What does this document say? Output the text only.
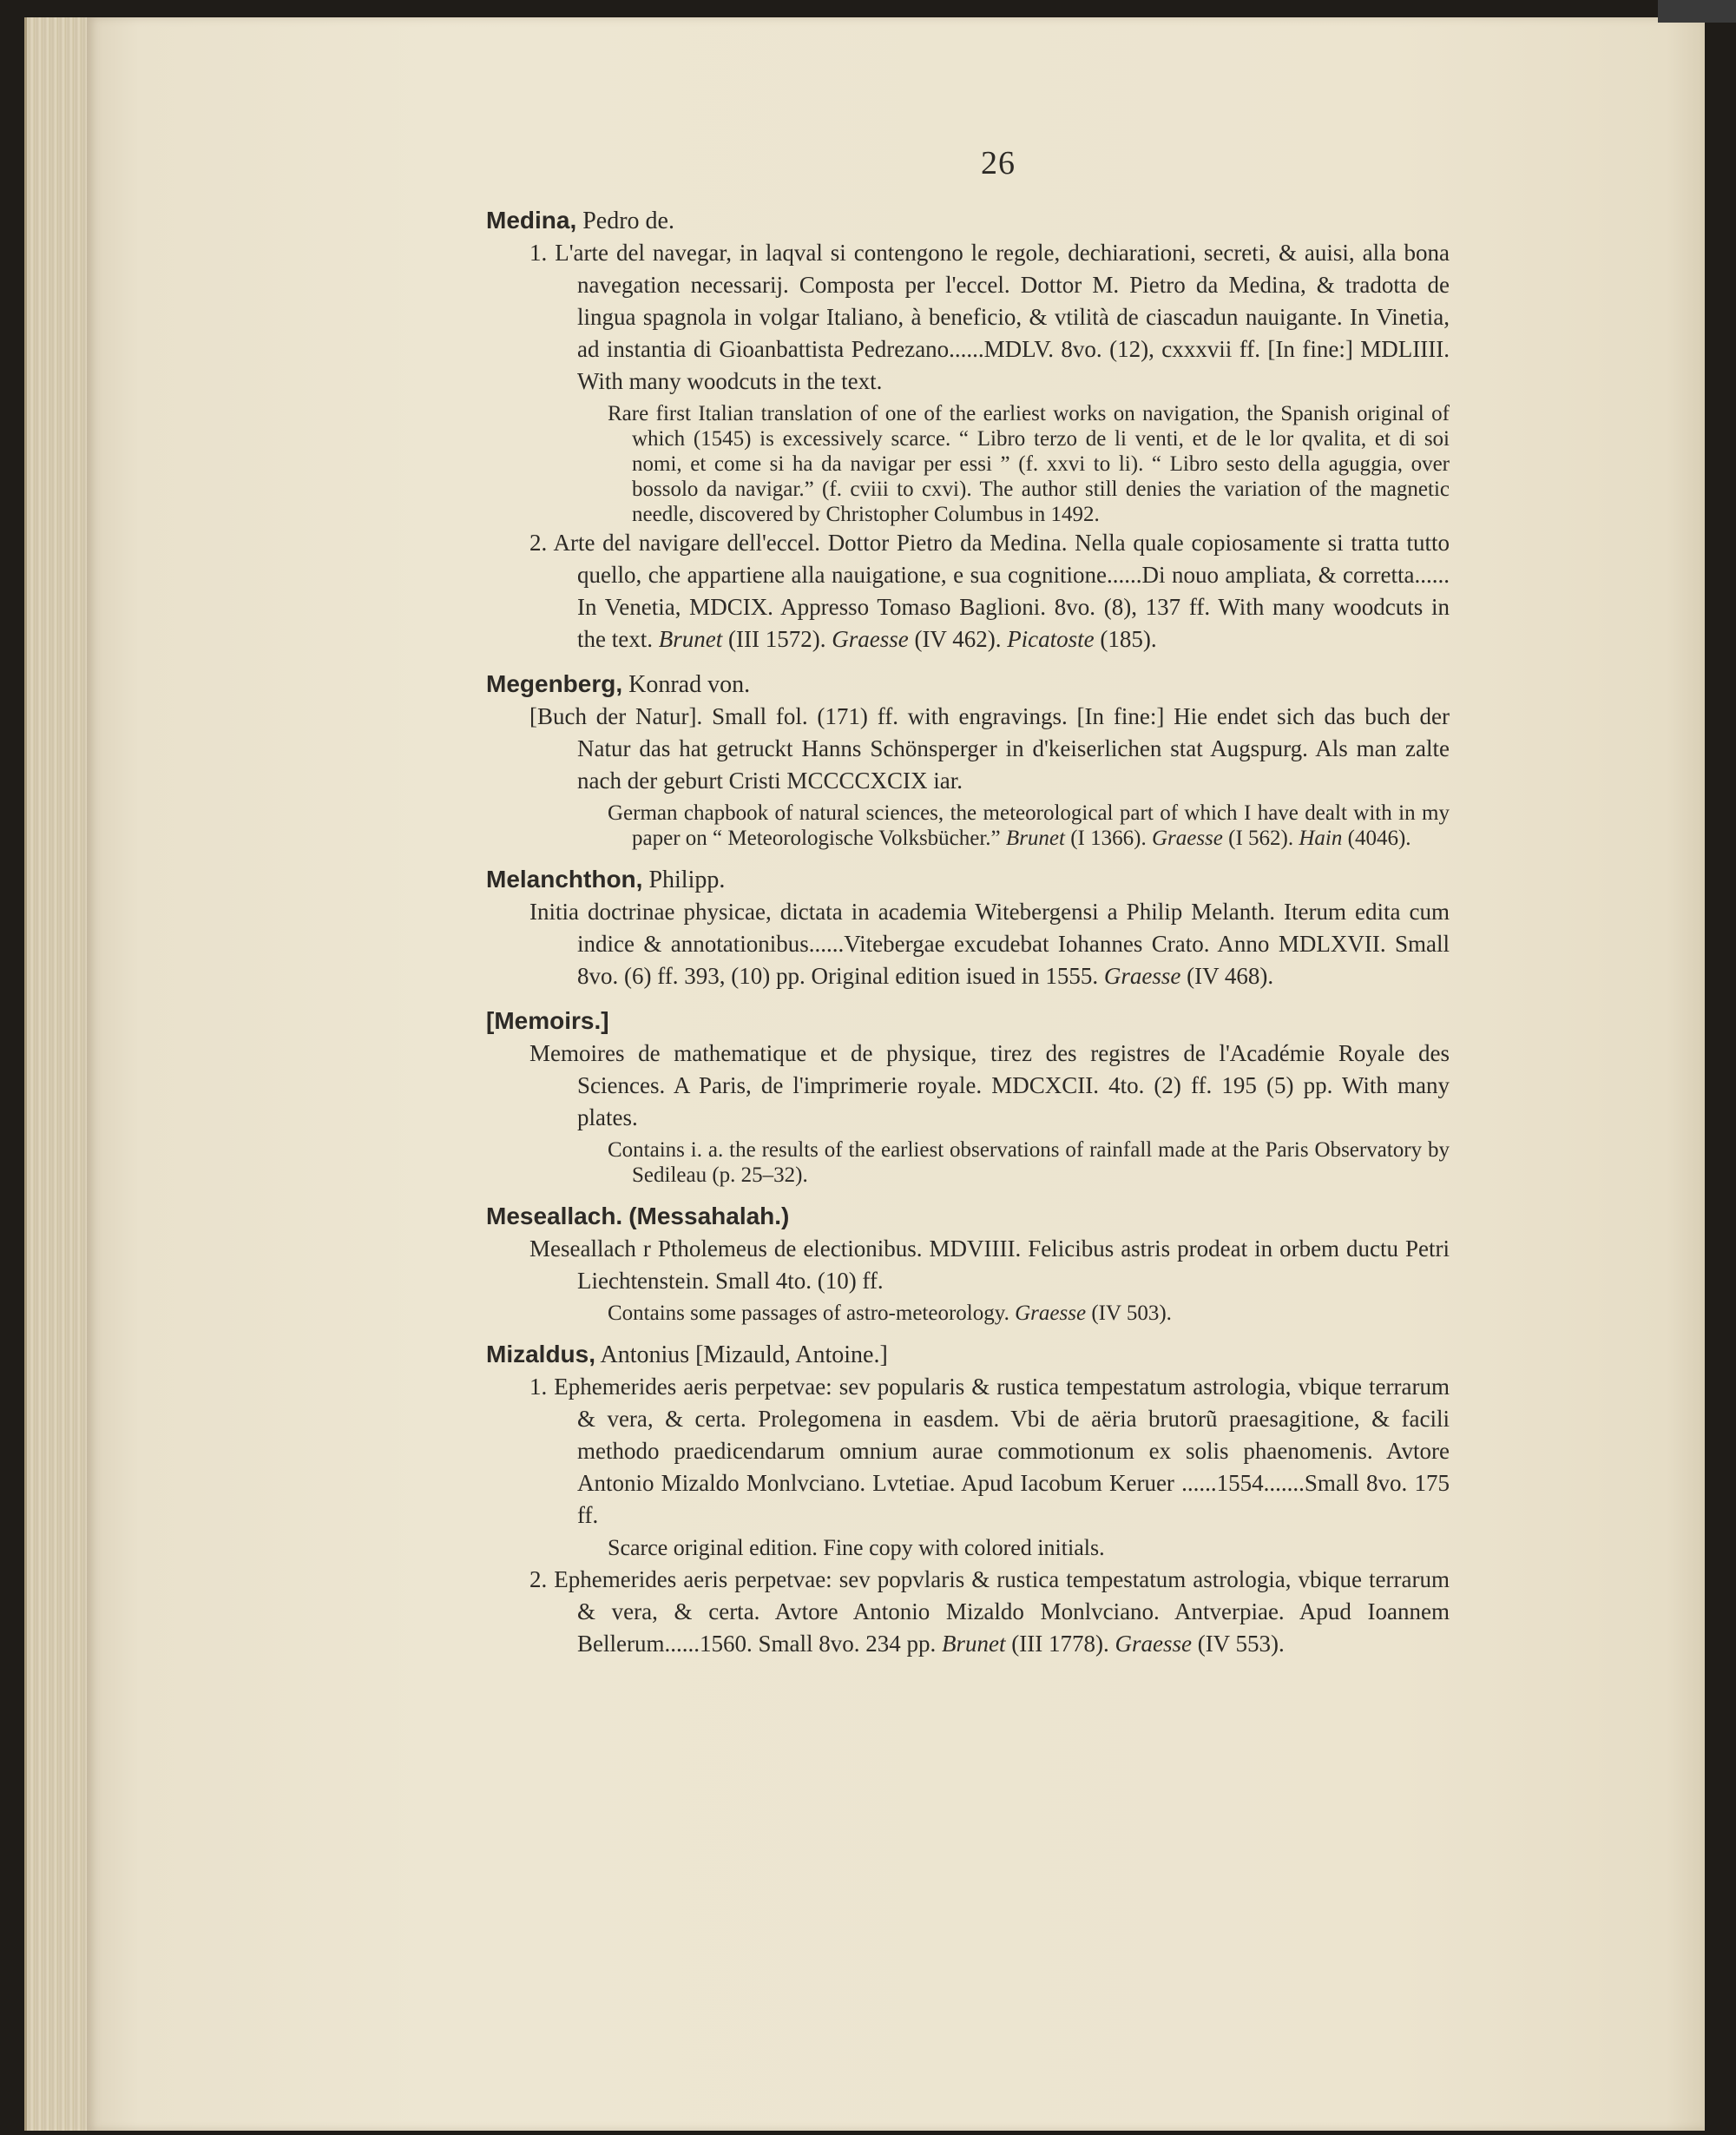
26
Medina, Pedro de.
1. L'arte del navegar, in laqval si contengono le regole, dechiarationi, secreti, & auisi, alla bona navegation necessarij. Composta per l'eccel. Dottor M. Pietro da Medina, & tradotta de lingua spagnola in volgar Italiano, à beneficio, & vtilità de ciascadun nauigante. In Vinetia, ad instantia di Gioanbattista Pedrezano......MDLV. 8vo. (12), cxxxvii ff. [In fine:] MDLIIII. With many woodcuts in the text.
Rare first Italian translation of one of the earliest works on navigation, the Spanish original of which (1545) is excessively scarce. “ Libro terzo de li venti, et de le lor qvalita, et di soi nomi, et come si ha da navigar per essi ” (f. xxvi to li). “ Libro sesto della aguggia, over bossolo da navigar.” (f. cviii to cxvi). The author still denies the variation of the magnetic needle, discovered by Christopher Columbus in 1492.
2. Arte del navigare dell'eccel. Dottor Pietro da Medina. Nella quale copiosamente si tratta tutto quello, che appartiene alla nauigatione, e sua cognitione......Di nouo ampliata, & corretta...... In Venetia, MDCIX. Appresso Tomaso Baglioni. 8vo. (8), 137 ff. With many woodcuts in the text. Brunet (III 1572). Graesse (IV 462). Picatoste (185).
Megenberg, Konrad von.
[Buch der Natur]. Small fol. (171) ff. with engravings. [In fine:] Hie endet sich das buch der Natur das hat getruckt Hanns Schönsperger in d'keiserlichen stat Augspurg. Als man zalte nach der geburt Cristi MCCCCXCIX iar.
German chapbook of natural sciences, the meteorological part of which I have dealt with in my paper on “ Meteorologische Volksbücher.” Brunet (I 1366). Graesse (I 562). Hain (4046).
Melanchthon, Philipp.
Initia doctrinae physicae, dictata in academia Witebergensi a Philip Melanth. Iterum edita cum indice & annotationibus......Vitebergae excudebat Iohannes Crato. Anno MDLXVII. Small 8vo. (6) ff. 393, (10) pp. Original edition isued in 1555. Graesse (IV 468).
[Memoirs.]
Memoires de mathematique et de physique, tirez des registres de l'Académie Royale des Sciences. A Paris, de l'imprimerie royale. MDCXCII. 4to. (2) ff. 195 (5) pp. With many plates.
Contains i. a. the results of the earliest observations of rainfall made at the Paris Observatory by Sedileau (p. 25–32).
Meseallach. (Messahalah.)
Meseallach r Ptholemeus de electionibus. MDVIIII. Felicibus astris prodeat in orbem ductu Petri Liechtenstein. Small 4to. (10) ff.
Contains some passages of astro-meteorology. Graesse (IV 503).
Mizaldus, Antonius [Mizauld, Antoine.]
1. Ephemerides aeris perpetvae: sev popularis & rustica tempestatum astrologia, vbique terrarum & vera, & certa. Prolegomena in easdem. Vbi de aëria brutorũ praesagitione, & facili methodo praedicendarum omnium aurae commotionum ex solis phaenomenis. Avtore Antonio Mizaldo Monlvciano. Lvtetiae. Apud Iacobum Keruer ......1554.......Small 8vo. 175 ff.
Scarce original edition. Fine copy with colored initials.
2. Ephemerides aeris perpetvae: sev popvlaris & rustica tempestatum astrologia, vbique terrarum & vera, & certa. Avtore Antonio Mizaldo Monlvciano. Antverpiae. Apud Ioannem Bellerum......1560. Small 8vo. 234 pp. Brunet (III 1778). Graesse (IV 553).
